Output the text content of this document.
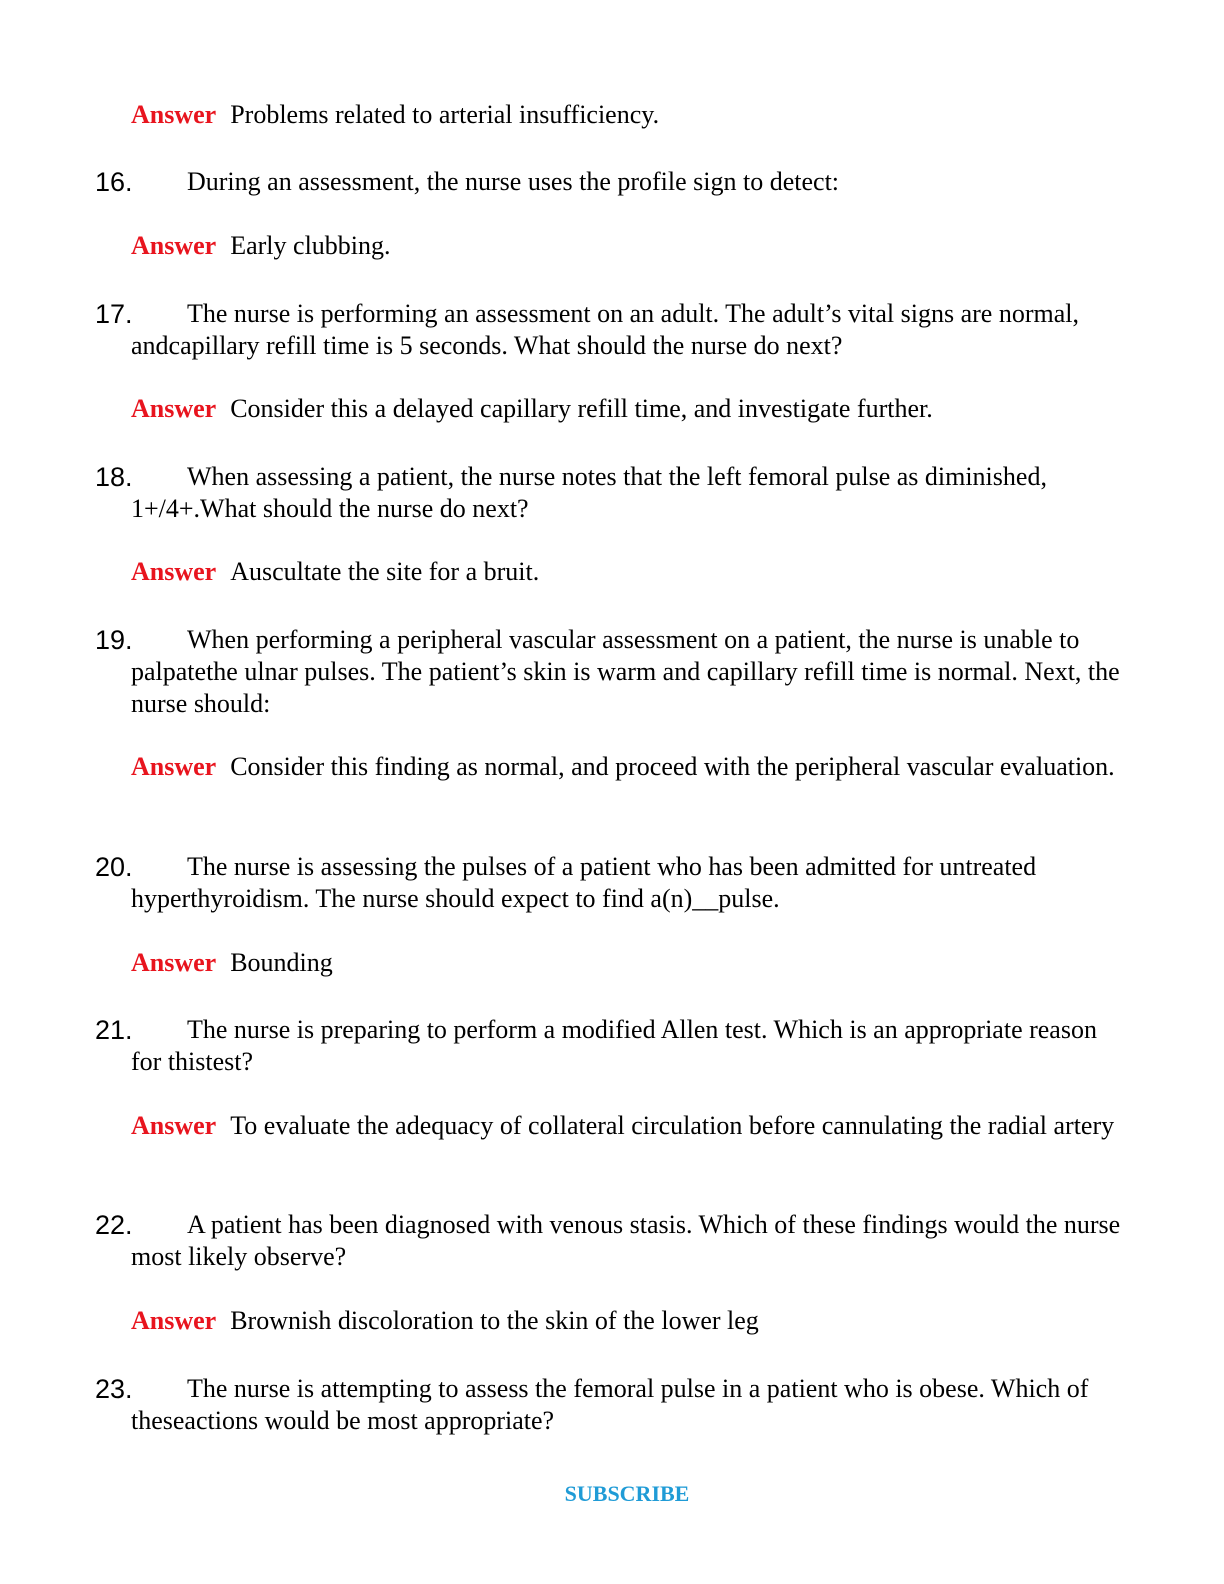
Answer Problems related to arterial insufficiency.
16. During an assessment, the nurse uses the profile sign to detect:
Answer Early clubbing.
17. The nurse is performing an assessment on an adult. The adult’s vital signs are normal, andcapillary refill time is 5 seconds. What should the nurse do next?
Answer Consider this a delayed capillary refill time, and investigate further.
18. When assessing a patient, the nurse notes that the left femoral pulse as diminished, 1+/4+.What should the nurse do next?
Answer Auscultate the site for a bruit.
19. When performing a peripheral vascular assessment on a patient, the nurse is unable to palpatethe ulnar pulses. The patient’s skin is warm and capillary refill time is normal. Next, the nurse should:
Answer Consider this finding as normal, and proceed with the peripheral vascular evaluation.
20. The nurse is assessing the pulses of a patient who has been admitted for untreated hyperthyroidism. The nurse should expect to find a(n)__pulse.
Answer Bounding
21. The nurse is preparing to perform a modified Allen test. Which is an appropriate reason for thistest?
Answer To evaluate the adequacy of collateral circulation before cannulating the radial artery
22. A patient has been diagnosed with venous stasis. Which of these findings would the nurse most likely observe?
Answer Brownish discoloration to the skin of the lower leg
23. The nurse is attempting to assess the femoral pulse in a patient who is obese. Which of theseactions would be most appropriate?
SUBSCRIBE
